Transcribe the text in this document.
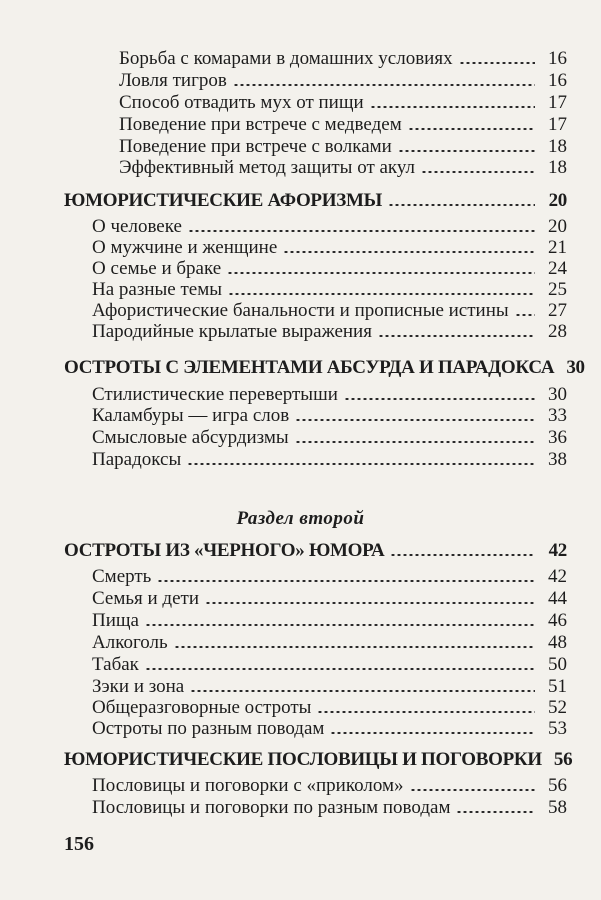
Борьба с комарами в домашних условиях	16
Ловля тигров	16
Способ отвадить мух от пищи	17
Поведение при встрече с медведем	17
Поведение при встрече с волками	18
Эффективный метод защиты от акул	18
ЮМОРИСТИЧЕСКИЕ АФОРИЗМЫ	20
О человеке	20
О мужчине и женщине	21
О семье и браке	24
На разные темы	25
Афористические банальности и прописные истины	27
Пародийные крылатые выражения	28
ОСТРОТЫ С ЭЛЕМЕНТАМИ АБСУРДА И ПАРАДОКСА 30
Стилистические перевертыши	30
Каламбуры — игра слов	33
Смысловые абсурдизмы	36
Парадоксы	38
Раздел второй
ОСТРОТЫ ИЗ «ЧЕРНОГО» ЮМОРА	42
Смерть	42
Семья и дети	44
Пища	46
Алкоголь	48
Табак	50
Зэки и зона	51
Общеразговорные остроты	52
Остроты по разным поводам	53
ЮМОРИСТИЧЕСКИЕ ПОСЛОВИЦЫ И ПОГОВОРКИ 56
Пословицы и поговорки с «приколом»	56
Пословицы и поговорки по разным поводам	58
156
